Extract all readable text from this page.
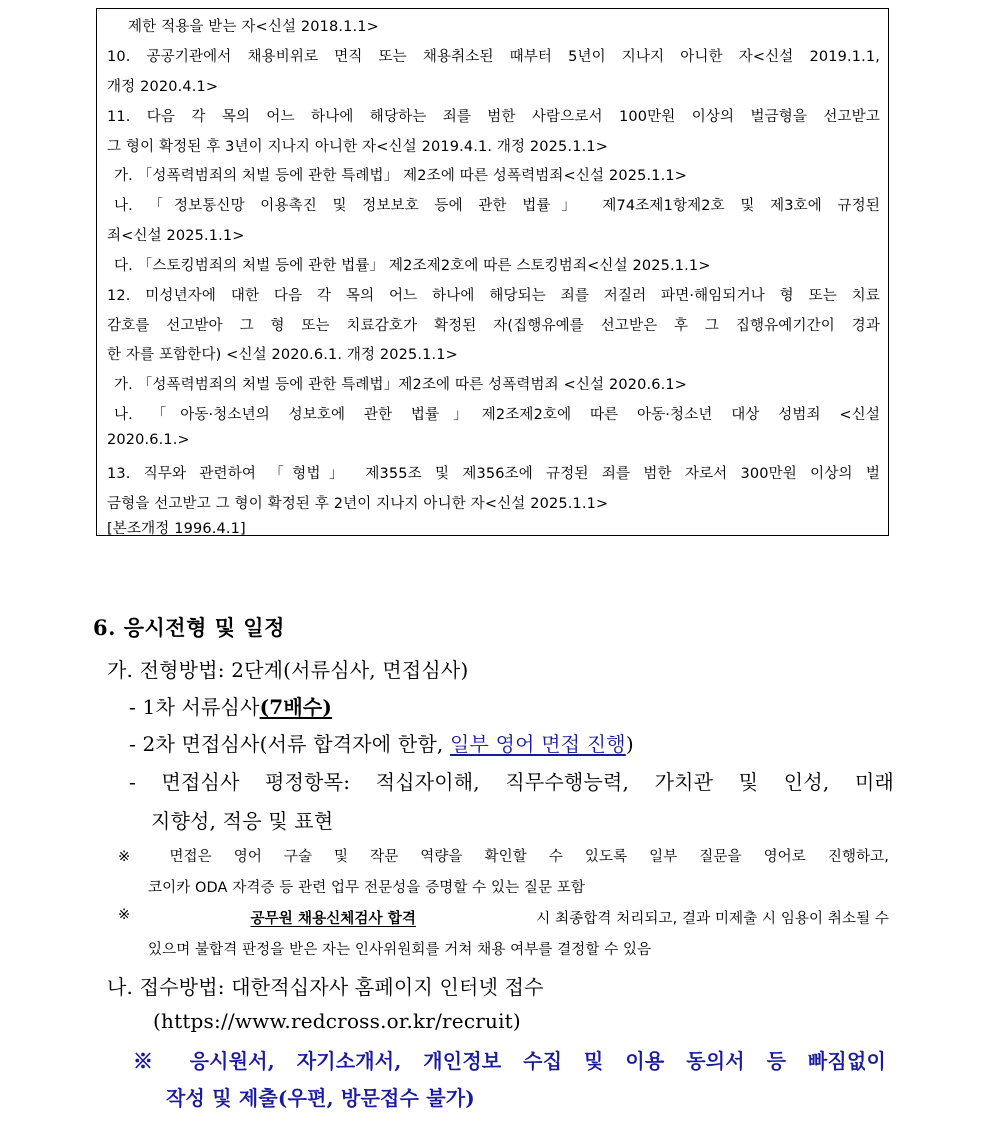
제한 적용을 받는 자<신설 2018.1.1>
10. 공공기관에서 채용비위로 면직 또는 채용취소된 때부터 5년이 지나지 아니한 자<신설 2019.1.1,
개정 2020.4.1>
11. 다음 각 목의 어느 하나에 해당하는 죄를 범한 사람으로서 100만원 이상의 벌금형을 선고받고
그 형이 확정된 후 3년이 지나지 아니한 자<신설 2019.4.1. 개정 2025.1.1>
가. 「성폭력범죄의 처벌 등에 관한 특례법」 제2조에 따른 성폭력범죄<신설 2025.1.1>
나. 「정보통신망 이용촉진 및 정보보호 등에 관한 법률」 제74조제1항제2호 및 제3호에 규정된
죄<신설 2025.1.1>
다. 「스토킹범죄의 처벌 등에 관한 법률」 제2조제2호에 따른 스토킹범죄<신설 2025.1.1>
12. 미성년자에 대한 다음 각 목의 어느 하나에 해당되는 죄를 저질러 파면·해임되거나 형 또는 치료
감호를 선고받아 그 형 또는 치료감호가 확정된 자(집행유예를 선고받은 후 그 집행유예기간이 경과
한 자를 포함한다) <신설 2020.6.1. 개정 2025.1.1>
가. 「성폭력범죄의 처벌 등에 관한 특례법」제2조에 따른 성폭력범죄 <신설 2020.6.1>
나. 「아동·청소년의 성보호에 관한 법률」제2조제2호에 따른 아동·청소년 대상 성범죄 <신설
2020.6.1.>
13. 직무와 관련하여 「형법」 제355조 및 제356조에 규정된 죄를 범한 자로서 300만원 이상의 벌
금형을 선고받고 그 형이 확정된 후 2년이 지나지 아니한 자<신설 2025.1.1>
[본조개정 1996.4.1]
6. 응시전형 및 일정
가. 전형방법: 2단계(서류심사, 면접심사)
- 1차 서류심사(7배수)
- 2차 면접심사(서류 합격자에 한함, 일부 영어 면접 진행)
- 면접심사 평정항목: 적십자이해, 직무수행능력, 가치관 및 인성, 미래
지향성, 적응 및 표현
※ 면접은 영어 구술 및 작문 역량을 확인할 수 있도록 일부 질문을 영어로 진행하고,
코이카 ODA 자격증 등 관련 업무 전문성을 증명할 수 있는 질문 포함
※	공무원 채용신체검사 합격	시 최종합격 처리되고, 결과 미제출 시 임용이 취소될 수
있으며 불합격 판정을 받은 자는 인사위원회를 거쳐 채용 여부를 결정할 수 있음
나. 접수방법: 대한적십자사 홈페이지 인터넷 접수
(https://www.redcross.or.kr/recruit)
※ 응시원서, 자기소개서, 개인정보 수집 및 이용 동의서 등 빠짐없이
작성 및 제출(우편, 방문접수 불가)
